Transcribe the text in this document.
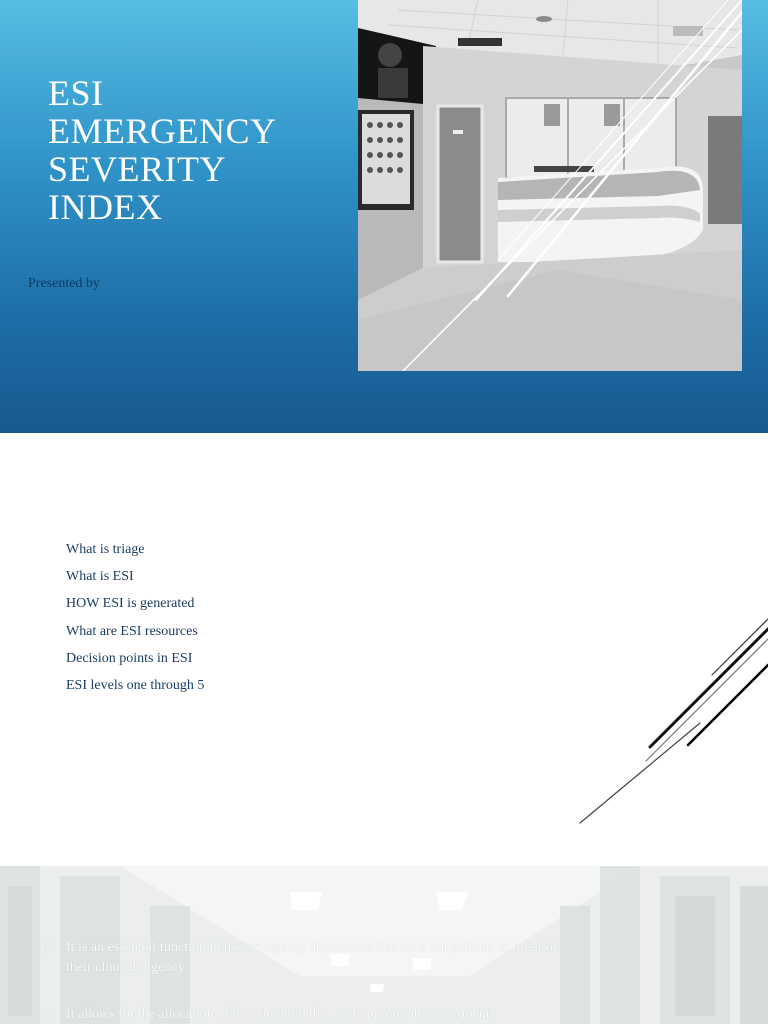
ESI
EMERGENCY
SEVERITY
INDEX
Presented by
What is triage
What is ESI
HOW ESI is generated
What are ESI resources
Decision points in ESI
ESI levels one through 5
▯ It is an essential function in the emergency department that sorts out patients in order of their clinical urgency
▯ It allows for the allocation of the patient to the most appropriate assessment
